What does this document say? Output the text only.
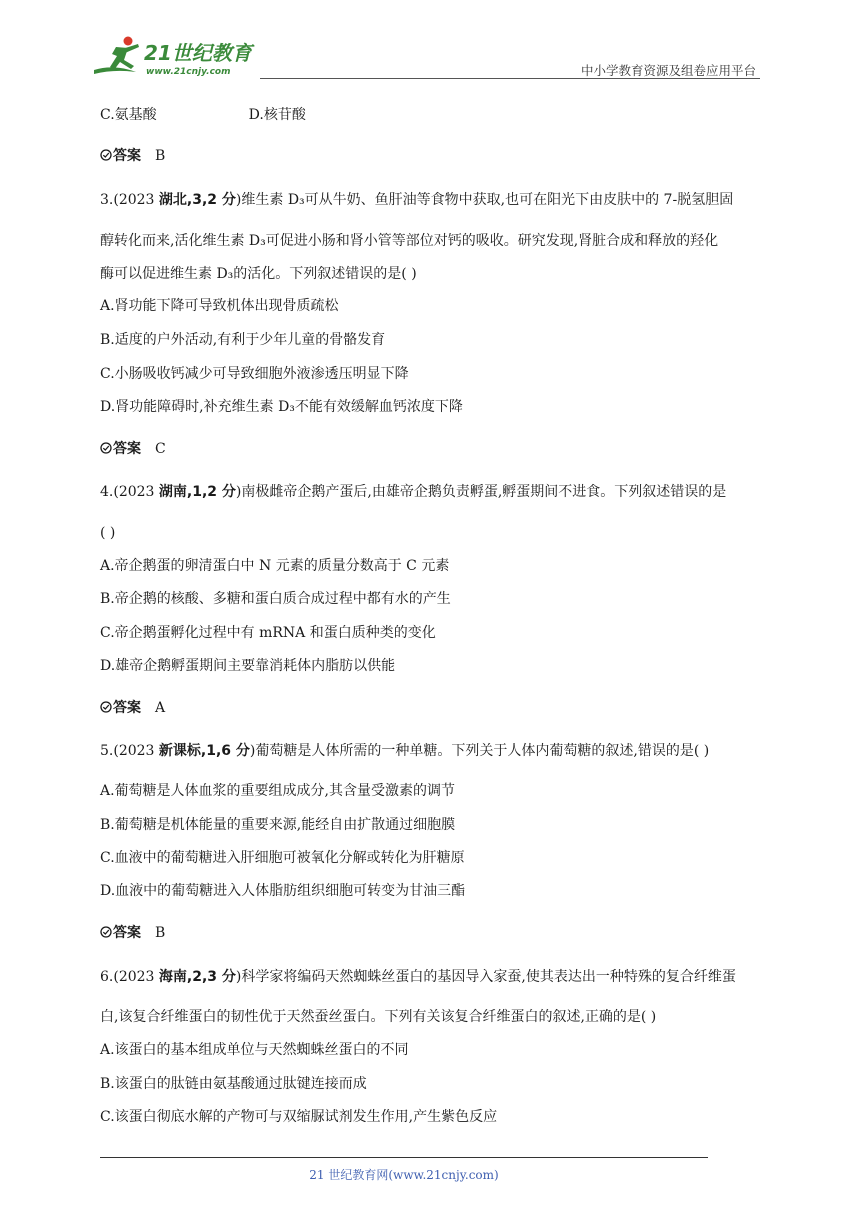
21世纪教育
www.21cnjy.com	中小学教育资源及组卷应用平台
C.氨基酸	D.核苷酸
答案 B
3.(2023 湖北,3,2 分)维生素 D₃可从牛奶、鱼肝油等食物中获取,也可在阳光下由皮肤中的 7-脱氢胆固
醇转化而来,活化维生素 D₃可促进小肠和肾小管等部位对钙的吸收。研究发现,肾脏合成和释放的羟化
酶可以促进维生素 D₃的活化。下列叙述错误的是( )
A.肾功能下降可导致机体出现骨质疏松
B.适度的户外活动,有利于少年儿童的骨骼发育
C.小肠吸收钙减少可导致细胞外液渗透压明显下降
D.肾功能障碍时,补充维生素 D₃不能有效缓解血钙浓度下降
答案 C
4.(2023 湖南,1,2 分)南极雌帝企鹅产蛋后,由雄帝企鹅负责孵蛋,孵蛋期间不进食。下列叙述错误的是
( )
A.帝企鹅蛋的卵清蛋白中 N 元素的质量分数高于 C 元素
B.帝企鹅的核酸、多糖和蛋白质合成过程中都有水的产生
C.帝企鹅蛋孵化过程中有 mRNA 和蛋白质种类的变化
D.雄帝企鹅孵蛋期间主要靠消耗体内脂肪以供能
答案 A
5.(2023 新课标,1,6 分)葡萄糖是人体所需的一种单糖。下列关于人体内葡萄糖的叙述,错误的是( )
A.葡萄糖是人体血浆的重要组成成分,其含量受激素的调节
B.葡萄糖是机体能量的重要来源,能经自由扩散通过细胞膜
C.血液中的葡萄糖进入肝细胞可被氧化分解或转化为肝糖原
D.血液中的葡萄糖进入人体脂肪组织细胞可转变为甘油三酯
答案 B
6.(2023 海南,2,3 分)科学家将编码天然蜘蛛丝蛋白的基因导入家蚕,使其表达出一种特殊的复合纤维蛋
白,该复合纤维蛋白的韧性优于天然蚕丝蛋白。下列有关该复合纤维蛋白的叙述,正确的是( )
A.该蛋白的基本组成单位与天然蜘蛛丝蛋白的不同
B.该蛋白的肽链由氨基酸通过肽键连接而成
C.该蛋白彻底水解的产物可与双缩脲试剂发生作用,产生紫色反应
21 世纪教育网(www.21cnjy.com)
